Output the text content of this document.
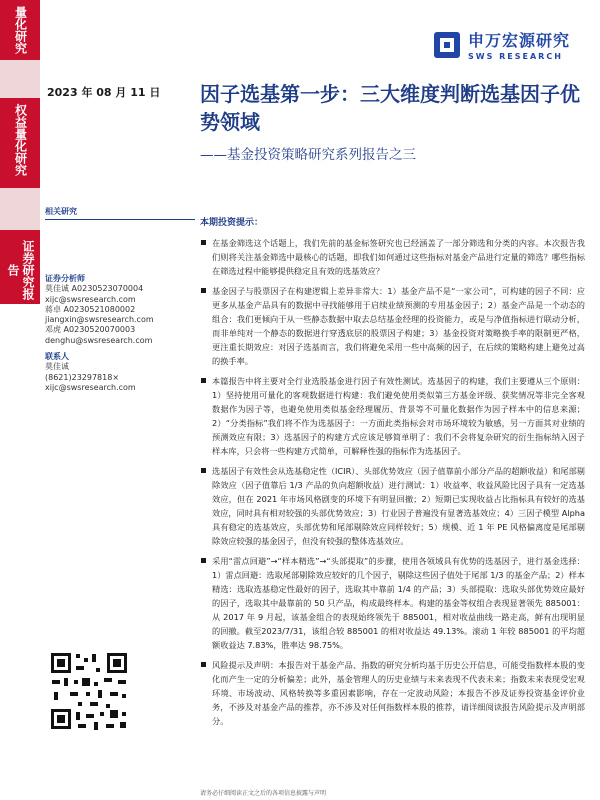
量化研究
权益量化研究
证券研究报告
申万宏源研究
SWS RESEARCH
2023 年 08 月 11 日 因子选基第一步：三大维度判断选基因子优势领域
——基金投资策略研究系列报告之三
相关研究
证券分析师
莫佳诚 A0230523070004
xijc@swsresearch.com
蒋卓 A0230521080002
jiangxin@swsresearch.com
邓虎 A0230520070003
denghu@swsresearch.com
联系人
莫佳诚
(8621)23297818×
xijc@swsresearch.com
本期投资提示：
在基金筛选这个话题上，我们先前的基金标签研究也已经涵盖了一部分筛选和分类的内容。本次报告我们则将关注基金筛选中最核心的话题，即我们如何通过这些指标对基金产品进行定量的筛选？哪些指标在筛选过程中能够提供稳定且有效的选基效应？
基金因子与股票因子在构建逻辑上差异非常大：1）基金产品不是“一家公司”，可构建的因子不同：应更多从基金产品具有的数据中寻找能够用于启续业绩预测的专用基金因子；2）基金产品是一个动态的组合：我们更倾向于从一些静态数据中取去总结基金经理的投资能力，或是与净值指标进行联动分析，而非单纯对一个静态的数据进行穿透底层的股票因子构建；3）基金投资对策略换手率的限制更严格，更注重长期效应：对因子选基而言，我们将避免采用一些中高频的因子，在后续的策略构建上避免过高的换手率。
本篇报告中将主要对全行业选股基金进行因子有效性测试。选基因子的构建，我们主要遵从三个原则：1）坚持使用可量化的客观数据进行构建：我们避免使用类似第三方基金评级、获奖情况等非完全客观数据作为因子等，也避免使用类似基金经理履历、背景等不可量化数据作为因子样本中的信息来源；2）“分类指标”我们将不作为选基因子：一方面此类指标会对市场环境较为敏感，另一方面其对业绩的预测效应有限；3）选基因子的构建方式应该足够简单明了：我们不会将复杂研究的衍生指标纳入因子样本库，只会将一些构建方式简单，可解释性强的指标作为选基因子。
选基因子有效性会从选基稳定性（ICIR）、头部优势效应（因子值靠前小部分产品的超额收益）和尾部剔除效应（因子值靠后 1/3 产品的负向超额收益）进行测试：1）收益率、收益风险比因子具有一定选基效应，但在 2021 年市场风格剧变的环境下有明显回撤；2）短期已实现收益占比指标具有较好的选基效应，同时具有相对较强的头部优势效应；3）行业因子普遍没有显著选基效应；4）三因子模型 Alpha 具有稳定的选基效应，头部优势和尾部剔除效应同样较好；5）规模、近 1 年 PE 风格偏离度是尾部剔除效应较强的基金因子，但没有较强的整体选基效应。
采用“雷点回避”→“样本精选”→“头部提取”的步骤，使用各领域具有优势的选基因子，进行基金选择：1）雷点回避：选取尾部剔除效应较好的几个因子，剔除这些因子值处于尾部 1/3 的基金产品；2）样本精选：选取选基稳定性最好的因子，选取其中靠前 1/4 的产品；3）头部提取：选取头部优势效应最好的因子，选取其中最靠前的 50 只产品，构成最终样本。构建的基金等权组合表现显著领先 885001：从 2017 年 9 月起，该基金组合的表现始终领先于 885001，相对收益曲线一路走高，鲜有出现明显的回撤。截至2023/7/31，该组合较 885001 的相对收益达 49.13%。滚动 1 年较 885001 的平均超额收益达 7.83%，胜率达 98.75%。
风险提示及声明：本报告对于基金产品、指数的研究分析均基于历史公开信息，可能受指数样本股的变化而产生一定的分析偏差；此外，基金管理人的历史业绩与未来表现不代表未来；指数未来表现受宏观环境、市场波动、风格转换等多重因素影响，存在一定波动风险；本报告不涉及证券投资基金评价业务，不涉及对基金产品的推荐，亦不涉及对任何指数样本股的推荐，请详细阅读报告风险提示及声明部分。
请务必仔细阅读正文之后的各项信息披露与声明
